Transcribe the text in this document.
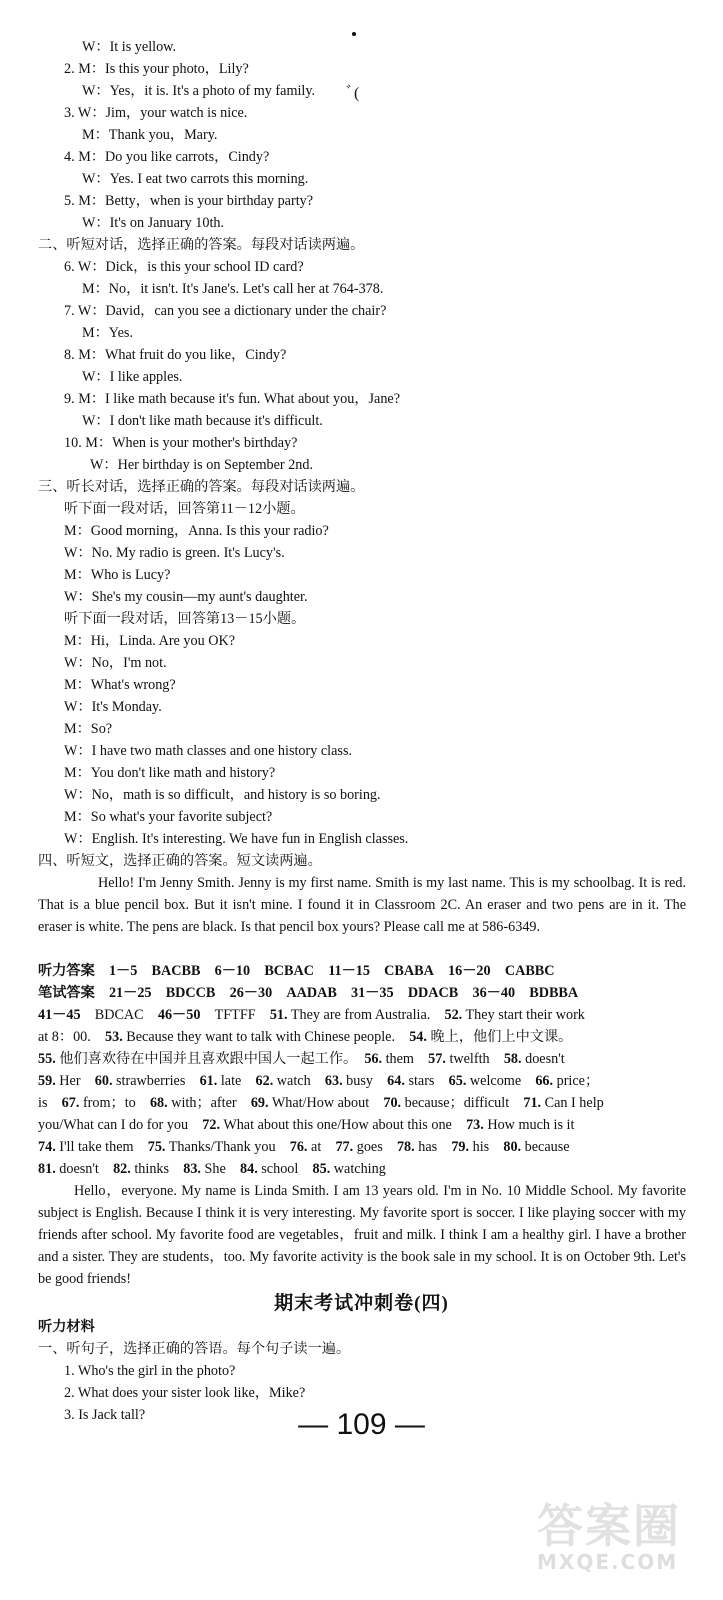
ﾞ(
W：It is yellow.
2. M：Is this your photo，Lily?
W：Yes，it is. It's a photo of my family.
3. W：Jim，your watch is nice.
M：Thank you，Mary.
4. M：Do you like carrots，Cindy?
W：Yes. I eat two carrots this morning.
5. M：Betty，when is your birthday party?
W：It's on January 10th.
二、听短对话，选择正确的答案。每段对话读两遍。
6. W：Dick，is this your school ID card?
M：No，it isn't. It's Jane's. Let's call her at 764-378.
7. W：David，can you see a dictionary under the chair?
M：Yes.
8. M：What fruit do you like，Cindy?
W：I like apples.
9. M：I like math because it's fun. What about you，Jane?
W：I don't like math because it's difficult.
10. M：When is your mother's birthday?
W：Her birthday is on September 2nd.
三、听长对话，选择正确的答案。每段对话读两遍。
听下面一段对话，回答第11－12小题。
M：Good morning，Anna. Is this your radio?
W：No. My radio is green. It's Lucy's.
M：Who is Lucy?
W：She's my cousin—my aunt's daughter.
听下面一段对话，回答第13－15小题。
M：Hi，Linda. Are you OK?
W：No，I'm not.
M：What's wrong?
W：It's Monday.
M：So?
W：I have two math classes and one history class.
M：You don't like math and history?
W：No，math is so difficult，and history is so boring.
M：So what's your favorite subject?
W：English. It's interesting. We have fun in English classes.
四、听短文，选择正确的答案。短文读两遍。
Hello! I'm Jenny Smith. Jenny is my first name. Smith is my last name. This is my schoolbag. It is red. That is a blue pencil box. But it isn't mine. I found it in Classroom 2C. An eraser and two pens are in it. The eraser is white. The pens are black. Is that pencil box yours? Please call me at 586-6349.
听力答案　1－5　 BACBB　 6－10　 BCBAC　 11－15　 CBABA　 16－20　 CABBC
笔试答案　21－25　 BDCCB　 26－30　 AADAB　 31－35　 DDACB　 36－40　 BDBBA
41－45　BDCAC　46－50　TFTFF　51. They are from Australia.　52. They start their work
at 8：00.　53. Because they want to talk with Chinese people.　54. 晚上，他们上中文课。
55. 他们喜欢待在中国并且喜欢跟中国人一起工作。　56. them　57. twelfth　58. doesn't
59. Her　60. strawberries　61. late　62. watch　63. busy　64. stars　65. welcome　66. price；
is　67. from；to　68. with；after　69. What/How about　70. because；difficult　71. Can I help
you/What can I do for you　72. What about this one/How about this one　73. How much is it
74. I'll take them　75. Thanks/Thank you　76. at　77. goes　78. has　79. his　80. because
81. doesn't　82. thinks　83. She　84. school　85. watching
Hello，everyone. My name is Linda Smith. I am 13 years old. I'm in No. 10 Middle School. My favorite subject is English. Because I think it is very interesting. My favorite sport is soccer. I like playing soccer with my friends after school. My favorite food are vegetables，fruit and milk. I think I am a healthy girl. I have a brother and a sister. They are students，too. My favorite activity is the book sale in my school. It is on October 9th. Let's be good friends!
期末考试冲刺卷(四)
听力材料
一、听句子，选择正确的答语。每个句子读一遍。
1. Who's the girl in the photo?
2. What does your sister look like，Mike?
3. Is Jack tall?	— 109 —
答案圈
MXQE.COM
